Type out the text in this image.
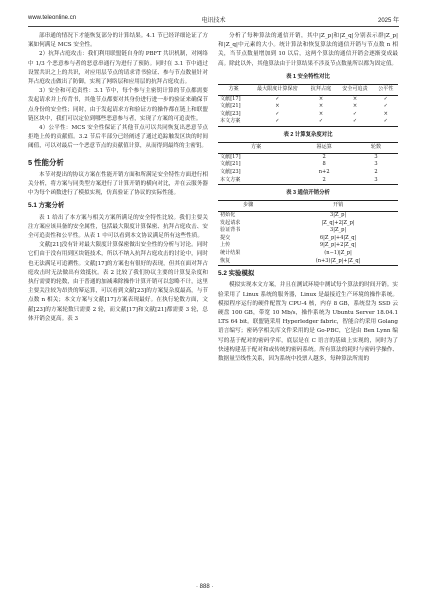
www.teleonline.cn	电讯技术	2025 年

部串通的情况下才能恢复部分的计算结果。4.1 节已经详细论证了方案如何满足 MCS 安全性。

2）抗拜占庭攻击：我们利用联盟链自身的 PBFT 共识机制，对网络中 1/3 个恶意参与者的恶意串通行为进行了预防。同时在 3.1 节中通过设置共识之上的共识，对应用层节点的请求背书验证、参与节点数量针对拜占庭攻击做出了防御，实现了网络层和应用层的抗拜占庭攻击。

3）安全和可追责性：3.1 节中，每个参与主密钥计算的节点都需要发起请求并上传背书，其他节点都要对其身份进行进一步的验证来确保节点身份的安全性；同时，由于发起请求方和验证方的操作都在链上和联盟链区块中，我们可以定位到哪些恶意参与者，实现了方案的可追责性。

4）公平性：MCS 安全性保证了其他节点可以共同恢复出恶意节点拒绝上传的贡献值。3.2 节后半部分已经阐述了通过追踪触发区块的时间阈值，可以对最后一个恶意节点的贡献值计算，从而得到最终的主密钥。

5 性能分析

本节对提出的协议方案在性能开销方面和所满足安全特性方面进行相关分析，将方案与同类型方案进行了计算开销的横向对比，并在云服务器中为每个函数进行了模拟实现，仿真验证了协议的实际性能。

5.1 方案分析

表 1 给出了本方案与相关方案所满足的安全特性比较。我们主要关注方案应该具备的安全属性，包括最大限度计算保密、抗拜占庭攻击、安全可追责性和公平性。从表 1 中可以看到本文协议满足所有这些性质。

文献[21]没有针对最大限度计算保密做出安全性的分析与讨论。同时它们由于没有用到区块链技术，所以不纳入抗拜占庭攻击的讨论中，同时也无法满足可追溯性。文献[17]的方案也有很好的表现，但其在面对拜占庭攻击时无法做出有效抵抗。表 2 比较了我们协议主要的计算复杂度和执行需要的轮数，由于普通的加减乘除操作计算开销可以忽略不计，这里主要关注较为昂贵的幂运算，可以看到文献[23]的方案复杂度最高，与节点数 n 相关；本文方案与文献[17]方案表现最好。在执行轮数方面，文献[23]的方案轮数只需要 2 轮，而文献[17]和文献[21]都需要 3 轮，总体开销会更高。表 3

分析了每种算法的通信开销，其中|Z_p|和|Z_q|分别表示群|Z_p|和|Z_q|中元素的大小。统计算法和恢复算法的通信开销与节点数 n 相关，当节点数量增加到 10 以后，这两个算法的通信开销会逐渐变成最高。除此以外，其他算法由于计算结果不涉及节点数量所以都为固定值。

表 1 安全特性对比
方案	最大限度计算保密	抗拜占庭	安全可追责	公平性
文献[17]	✓	×	×	✓
文献[21]	×	×	×	✓
文献[23]	✓	×	✓	×
本文方案	✓	✓	✓	✓
表 2 计算复杂度对比
方案	幂运算	轮数
文献[17]	2	3
文献[21]	8	3
文献[23]	n+2	2
本文方案	2	3
表 3 通信开销分析
步骤	开销
初始化	3|Z_p|
发起请求	|Z_q|+2|Z_p|
验证背书	3|Z_p|
提交	6|Z_p|+4|Z_q|
上传	9|Z_p|+2|Z_q|
统计结果	(n−1)|Z_p|
恢复	(n+3)|Z_p|+|Z_q|
5.2 实验模拟

模拟实现本文方案，并且在测试环境中测试每个算法的时间开销。实验采用了 Linux 系统的服务器，Linux 是最接近生产环境的操作系统。模拟程序运行的硬件配置为 CPU-4 核，内存 8 GB，系统盘为 SSD 云硬盘 100 GB，带宽 10 Mb/s，操作系统为 Ubuntu Server 18.04.1 LTS 64 bit。联盟链采用 Hyperledger fabric，智能合约采用 Golang 语言编写；密码学相关库文件采用的是 Go-PBC，它是由 Ben Lynn 编写的基于配对的密码学库，底层是在 C 语言的基础上实现的，同时为了快速构建基于配对和或传统的密码系统。所有算法的耗时与密码学操作、数据量呈线性关系，因为系统中投票人越多，每种算法所需的

· 888 ·
